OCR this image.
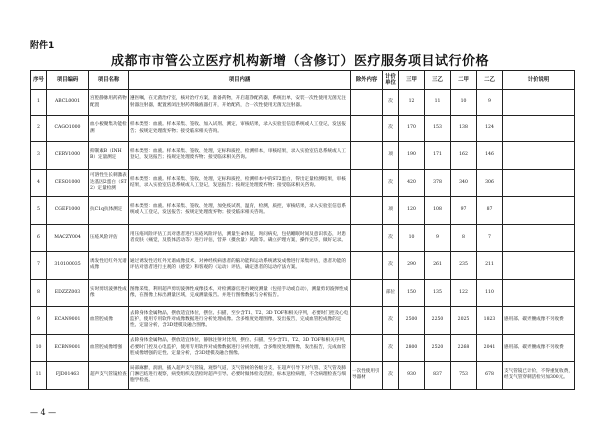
附件1
成都市市管公立医疗机构新增（含修订）医疗服务项目试行价格
序号	项目编码	项目名称	项目内涵	除外内容	计价单位	三甲	三乙	二甲	二乙	计价说明
1	ABCL0001	宫腔静脉用药药物配置	遵医嘱，在无菌治疗室，核对治疗方案，准备药物，开启超净配药器，系统出单，安装一次性使用无菌无注射器注射器，配置密闭注射药剂输液器打开，开始配药，合一次性使用无菌无注射器。		次	12	11	10	9	
2	CAGO1000	血小板聚集功能检测	样本类型：血液。样本采集、签收、加入试剂、测定、审核结果，录入实验室信息系统或人工登记，发送报告；按规定处理废弃物；接受临床相关咨询。		次	170	153	138	124	
3	CERV1000	抑制素B（INHB）定量测定	样本类型：血液。样本采集、签收、处理，定标和质控，检测样本，审核结果，录入实验室信息系统或人工登记，发送报告；按规定处理废弃物；接受临床相关咨询。		项	190	171	162	146	
4	CESO1000	可溶性生长刺激表达基因2蛋白（ST2）定量检测	样本类型：血液。样本采集、签收、处理，定标和质控，检测样本中的ST2蛋白，得出定量检测结果，审核结果，录入实验室信息系统或人工登记，发送报告；按规定处理废弃物；接受临床相关咨询。		次	420	378	340	306	
5	CGEF1000	抗C1q抗体测定	样本类型：血液。样本采集、签收、处理，加免疫试剂，温育，检测，质控，审核结果，录入实验室信息系统或人工登记，发送报告；按规定处理废弃物；接受临床相关咨询。		项	120	108	97	87	
6	MACZY004	压疮风险评估	用压疮风险评估工具对患者进行压疮风险评估，测量生命体征，询问病史，包括睡眠时间及意识状态，对患者皮肤（痛觉，及肢体活动等）进行评估，营养（摄食量）风险等。确立护理方案，操作完毕，做好记录。		次	10	9	8	7	
7	310100035	诱发性近红外光谱成像	通过诱发性近红外光谱成像技术，对神经疾病患者的脑功能和运动系统诱发成像进行采集评估，患者功能的评估对患者进行主观的（感觉）和客观的（运动）评估，确定患者的运动疗法方案。		次	290	261	235	211	
8	EDZZZ003	实时剪切波弹性成像	图像采集，利用超声剪切波弹性成像技术，对检测器官进行硬度测量（包括手动或自动），测量剪切波弹性成像，在图像上标出测量区域，完成测量报告。并进行图像数据与分析报告。		部位	150	135	122	110	
9	ECAN9001	血管腔成像	去除身体金属物品，摆放适宜体位，摆位、扫描，至少含T1、T2、3D TOF和相关序列，必要时门控及心电监护，使用专用软件对成像数据进行分析处理成像。含多维度处理图像，发出报告，完成血管腔成像的定性、定量分析，含3D建模及融合图像。		次	2500	2250	2025	1823	感用部、碳弄腰成像不另收费
10	ECBN9001	血管腔成像增强	去除身体金属物品，摆放适宜体位，静脉注射对比剂，摆位、扫描，至少含T1、T2、3D TOF和相关序列，必要时门控及心电监护，使用专用软件对成像数据进行分析处理，含多维度处理图像，发出报告，完成血管腔成像增强的定性、定量分析，含3D建模及融合图像。		次	2800	2520	2268	2041	感用部、碳弄腰成像不另收费
11	FJD01463	超声支气管镜检查	局部麻醉，润滑，插入超声支气管镜，观察气道，支气管树的各级分支，在超声引导下对气管、支气管及肺门淋巴结进行观察，病变组织及活检时超声引导。必要时做体检及活检，标本送检病理，不含病理检查与细胞学检查。	一次性使用引导器材	次	930	837	753	678	支气管镜已计价，不得重复收费，经支气管穿刺活检另加300元。
— 4 —
